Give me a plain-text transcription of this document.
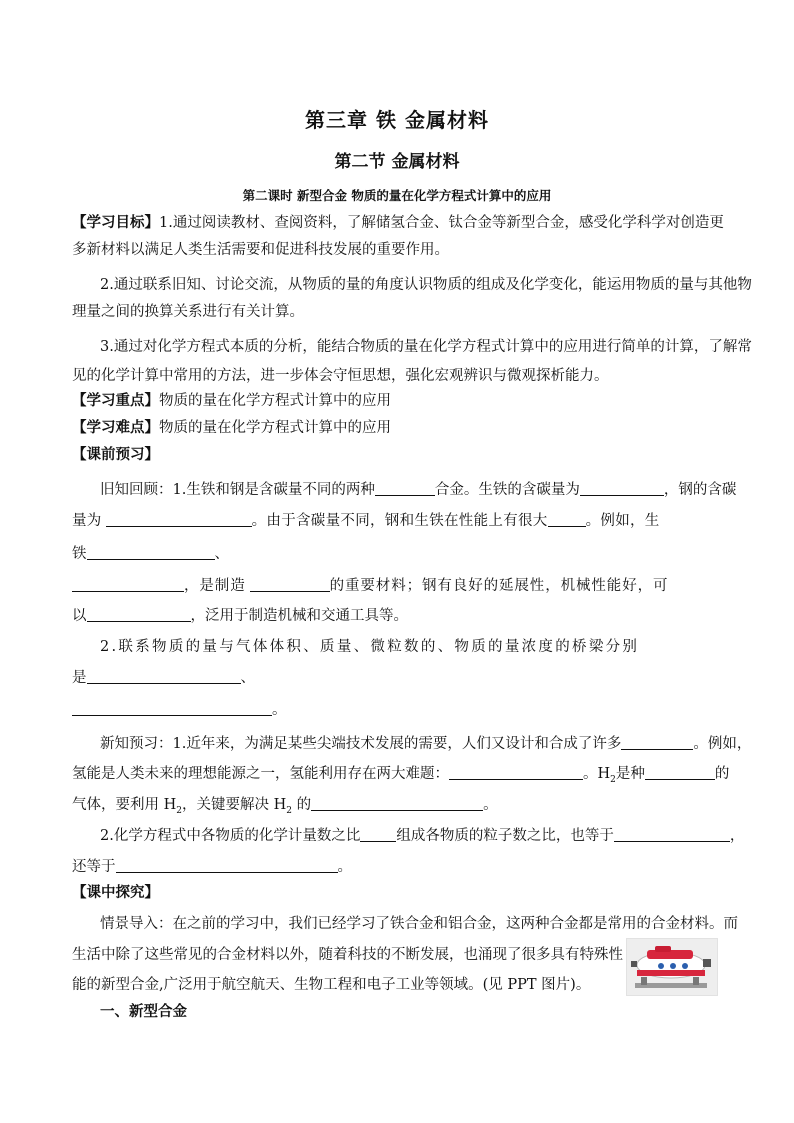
第三章 铁 金属材料
第二节 金属材料
第二课时 新型合金 物质的量在化学方程式计算中的应用
【学习目标】1.通过阅读教材、查阅资料，了解储氢合金、钛合金等新型合金，感受化学科学对创造更
多新材料以满足人类生活需要和促进科技发展的重要作用。
2.通过联系旧知、讨论交流，从物质的量的角度认识物质的组成及化学变化，能运用物质的量与其他物
理量之间的换算关系进行有关计算。
3.通过对化学方程式本质的分析，能结合物质的量在化学方程式计算中的应用进行简单的计算，了解常
见的化学计算中常用的方法，进一步体会守恒思想，强化宏观辨识与微观探析能力。
【学习重点】物质的量在化学方程式计算中的应用
【学习难点】物质的量在化学方程式计算中的应用
【课前预习】
旧知回顾：1.生铁和钢是含碳量不同的两种	合金。生铁的含碳量为	，钢的含碳
量为	。由于含碳量不同，钢和生铁在性能上有很大	。例如，生
铁	、
，是制造	的重要材料；钢有良好的延展性，机械性能好，可
以	，泛用于制造机械和交通工具等。
2.联系物质的量与气体体积、质量、微粒数的、物质的量浓度的桥梁分别
是	、
。
新知预习：1.近年来，为满足某些尖端技术发展的需要，人们又设计和合成了许多	。例如，
氢能是人类未来的理想能源之一，氢能利用存在两大难题：	。$H_2$是种	的
气体，要利用 $H_2$，关键要解决 $H_2$ 的	。
2.化学方程式中各物质的化学计量数之比 组成各物质的粒子数之比，也等于	，
还等于	。
【课中探究】
情景导入：在之前的学习中，我们已经学习了铁合金和铝合金，这两种合金都是常用的合金材料。而
生活中除了这些常见的合金材料以外，随着科技的不断发展，也涌现了很多具有特殊性
能的新型合金,广泛用于航空航天、生物工程和电子工业等领域。(见 PPT 图片)。
一、新型合金
